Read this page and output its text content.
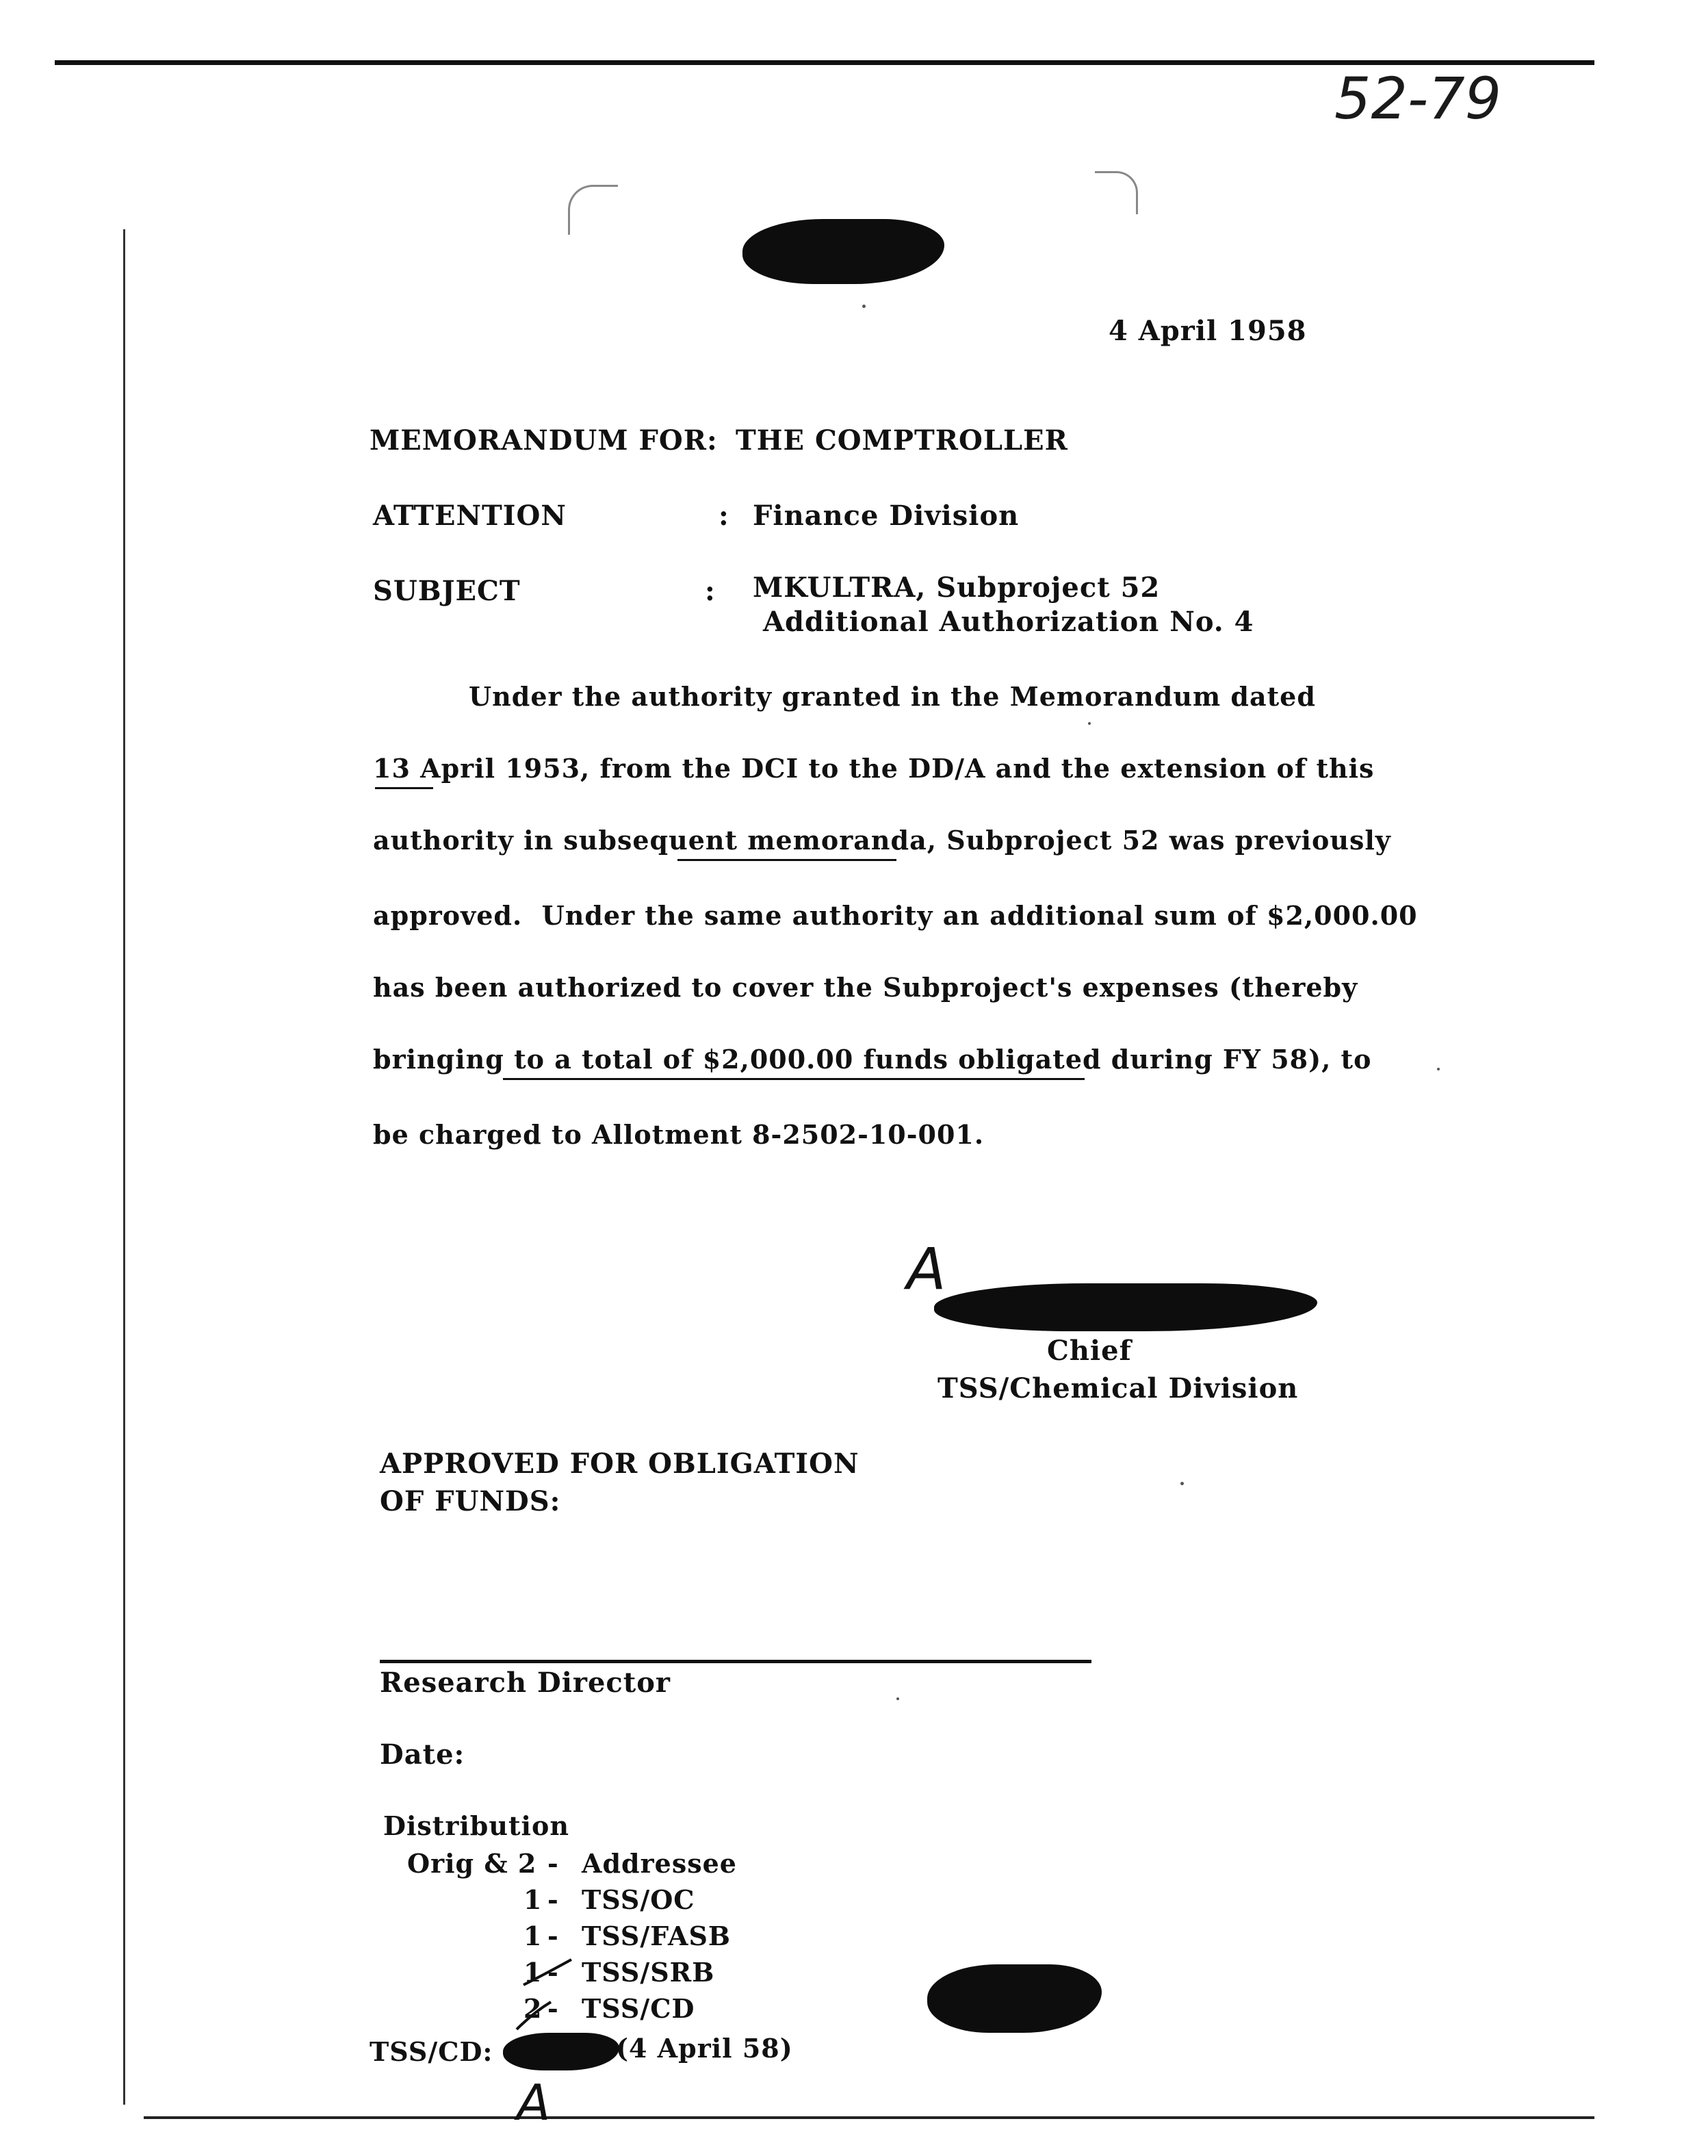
52-79
4 April 1958
MEMORANDUM FOR: THE COMPTROLLER
ATTENTION	: Finance Division
SUBJECT	: MKULTRA, Subproject 52
Additional Authorization No. 4
Under the authority granted in the Memorandum dated
13 April 1953, from the DCI to the DD/A and the extension of this
authority in subsequent memoranda, Subproject 52 was previously
approved.  Under the same authority an additional sum of $2,000.00
has been authorized to cover the Subproject's expenses (thereby
bringing to a total of $2,000.00 funds obligated during FY 58), to
be charged to Allotment 8-2502-10-001.
A
Chief
TSS/Chemical Division
APPROVED FOR OBLIGATION
OF FUNDS:
Research Director
Date:
Distribution
Orig & 2 - Addressee
1 - TSS/OC
1 - TSS/FASB
1 - TSS/SRB
2 - TSS/CD
TSS/CD:	(4 April 58)
A
